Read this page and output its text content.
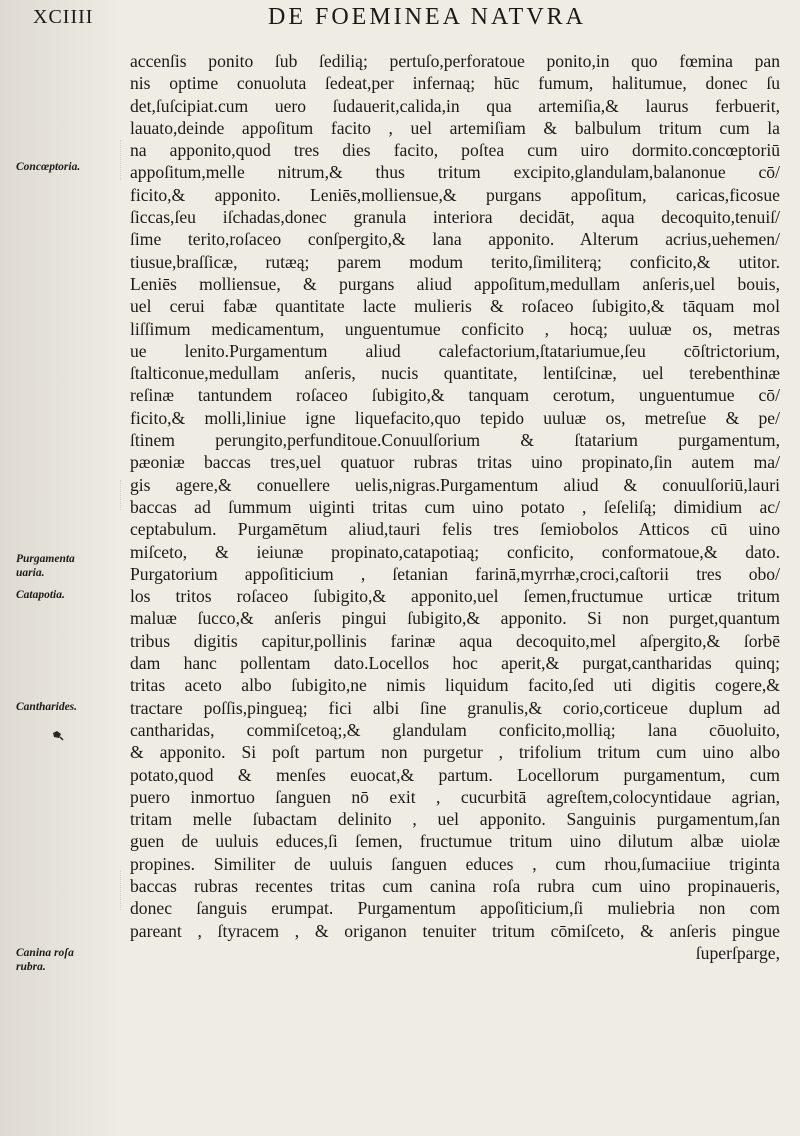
XCIIII	DE FOEMINEA NATVRA
Concœptoria.
Purgamenta uaria.
Catapotia.
Cantharides.
Canina roſa rubra.
accenſis ponito ſub ſedilią; pertuſo,perforatoue ponito,in quo fœmina pan
nis optime conuoluta ſedeat,per infernaą; hūc fumum, halitumue, donec ſu
det,ſuſcipiat.cum uero ſudauerit,calida,in qua artemiſia,& laurus ferbuerit,
lauato,deinde appoſitum facito , uel artemiſiam & balbulum tritum cum la
na apponito,quod tres dies facito, poſtea cum uiro dormito.concœptoriū
appoſitum,melle nitrum,& thus tritum excipito,glandulam,balanonue cō/
ficito,& apponito. Leniēs,molliensue,& purgans appoſitum, caricas,ficosue
ſiccas,ſeu iſchadas,donec granula interiora decidāt, aqua decoquito,tenuiſ/
ſime terito,roſaceo conſpergito,& lana apponito. Alterum acrius,uehemen/
tiusue,braſſicæ, rutæą; parem modum terito,ſimiliterą; conficito,& utitor.
Leniēs molliensue, & purgans aliud appoſitum,medullam anſeris,uel bouis,
uel cerui fabæ quantitate lacte mulieris & roſaceo ſubigito,& tāquam mol
liſſimum medicamentum, unguentumue conficito , hocą; uuluæ os, metras
ue lenito.Purgamentum aliud calefactorium,ſtatariumue,ſeu cōſtrictorium,
ſtalticonue,medullam anſeris, nucis quantitate, lentiſcinæ, uel terebenthinæ
reſinæ tantundem roſaceo ſubigito,& tanquam cerotum, unguentumue cō/
ficito,& molli,liniue igne liquefacito,quo tepido uuluæ os, metreſue & pe/
ſtinem perungito,perfunditoue.Conuulſorium & ſtatarium purgamentum,
pæoniæ baccas tres,uel quatuor rubras tritas uino propinato,ſin autem ma/
gis agere,& conuellere uelis,nigras.Purgamentum aliud & conuulſoriū,lauri
baccas ad ſummum uiginti tritas cum uino potato , ſeſeliſą; dimidium ac/
ceptabulum. Purgamētum aliud,tauri felis tres ſemiobolos Atticos cū uino
miſceto, & ieiunæ propinato,catapotiaą; conficito, conformatoue,& dato.
Purgatorium appoſiticium , ſetanian farinā,myrrhæ,croci,caſtorii tres obo/
los tritos roſaceo ſubigito,& apponito,uel ſemen,fructumue urticæ tritum
maluæ ſucco,& anſeris pingui ſubigito,& apponito. Si non purget,quantum
tribus digitis capitur,pollinis farinæ aqua decoquito,mel aſpergito,& ſorbē
dam hanc pollentam dato.Locellos hoc aperit,& purgat,cantharidas quinq;
tritas aceto albo ſubigito,ne nimis liquidum facito,ſed uti digitis cogere,&
tractare poſſis,pingueą; fici albi ſine granulis,& corio,corticeue duplum ad
cantharidas, commiſcetoą;,& glandulam conficito,mollią; lana cōuoluito,
& apponito. Si poſt partum non purgetur , trifolium tritum cum uino albo
potato,quod & menſes euocat,& partum. Locellorum purgamentum, cum
puero inmortuo ſanguen nō exit , cucurbitā agreſtem,colocyntidaue agrian,
tritam melle ſubactam delinito , uel apponito. Sanguinis purgamentum,ſan
guen de uuluis educes,ſi ſemen, fructumue tritum uino dilutum albæ uiolæ
propines. Similiter de uuluis ſanguen educes , cum rhou,ſumaciiue triginta
baccas rubras recentes tritas cum canina roſa rubra cum uino propinaueris,
donec ſanguis erumpat. Purgamentum appoſiticium,ſi muliebria non com
pareant , ſtyracem , & origanon tenuiter tritum cōmiſceto, & anſeris pingue
ſuperſparge,
